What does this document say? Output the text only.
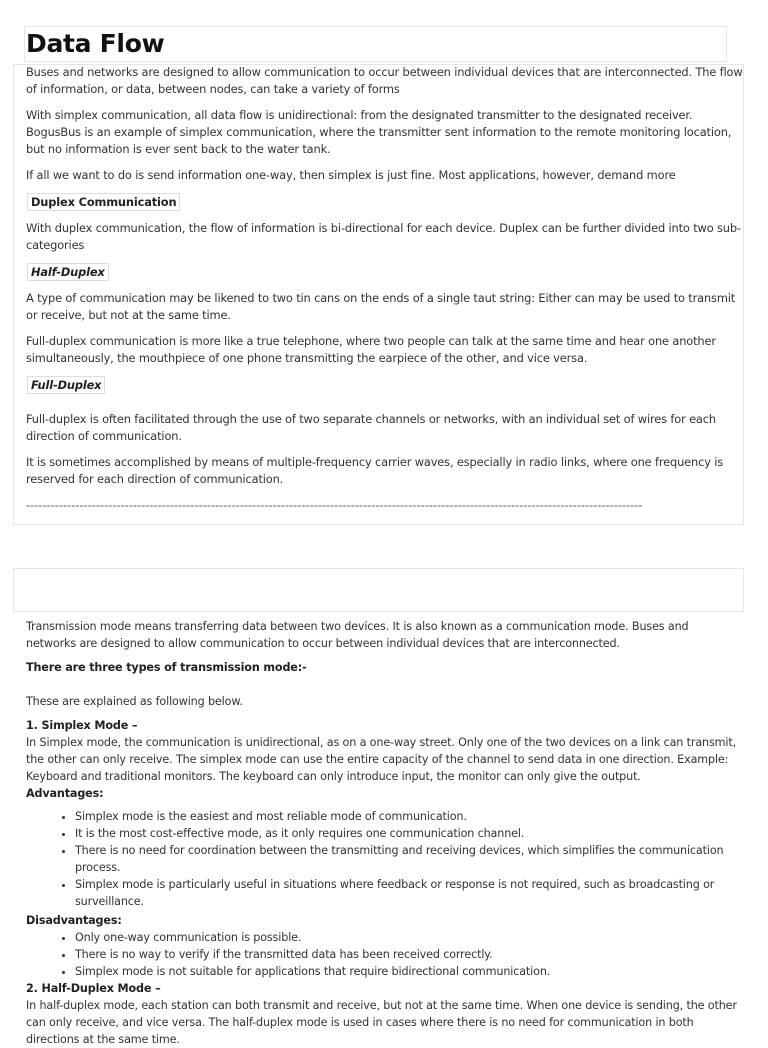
Data Flow

Buses and networks are designed to allow communication to occur between individual devices that are interconnected. The flow of information, or data, between nodes, can take a variety of forms

With simplex communication, all data flow is unidirectional: from the designated transmitter to the designated receiver. BogusBus is an example of simplex communication, where the transmitter sent information to the remote monitoring location, but no information is ever sent back to the water tank.

If all we want to do is send information one-way, then simplex is just fine. Most applications, however, demand more

Duplex Communication

With duplex communication, the flow of information is bi-directional for each device. Duplex can be further divided into two sub-categories

Half-Duplex

A type of communication may be likened to two tin cans on the ends of a single taut string: Either can may be used to transmit or receive, but not at the same time.

Full-duplex communication is more like a true telephone, where two people can talk at the same time and hear one another simultaneously, the mouthpiece of one phone transmitting the earpiece of the other, and vice versa.

Full-Duplex

Full-duplex is often facilitated through the use of two separate channels or networks, with an individual set of wires for each direction of communication.

It is sometimes accomplished by means of multiple-frequency carrier waves, especially in radio links, where one frequency is reserved for each direction of communication.

------------------------------------------------------------------------------------------------------------------------------------------------------

Transmission mode means transferring data between two devices. It is also known as a communication mode. Buses and networks are designed to allow communication to occur between individual devices that are interconnected.

There are three types of transmission mode:-

These are explained as following below.

1. Simplex Mode –
In Simplex mode, the communication is unidirectional, as on a one-way street. Only one of the two devices on a link can transmit, the other can only receive. The simplex mode can use the entire capacity of the channel to send data in one direction. Example: Keyboard and traditional monitors. The keyboard can only introduce input, the monitor can only give the output.
Advantages:
• Simplex mode is the easiest and most reliable mode of communication.
• It is the most cost-effective mode, as it only requires one communication channel.
• There is no need for coordination between the transmitting and receiving devices, which simplifies the communication process.
• Simplex mode is particularly useful in situations where feedback or response is not required, such as broadcasting or surveillance.
Disadvantages:
• Only one-way communication is possible.
• There is no way to verify if the transmitted data has been received correctly.
• Simplex mode is not suitable for applications that require bidirectional communication.
2. Half-Duplex Mode –
In half-duplex mode, each station can both transmit and receive, but not at the same time. When one device is sending, the other can only receive, and vice versa. The half-duplex mode is used in cases where there is no need for communication in both directions at the same time.
